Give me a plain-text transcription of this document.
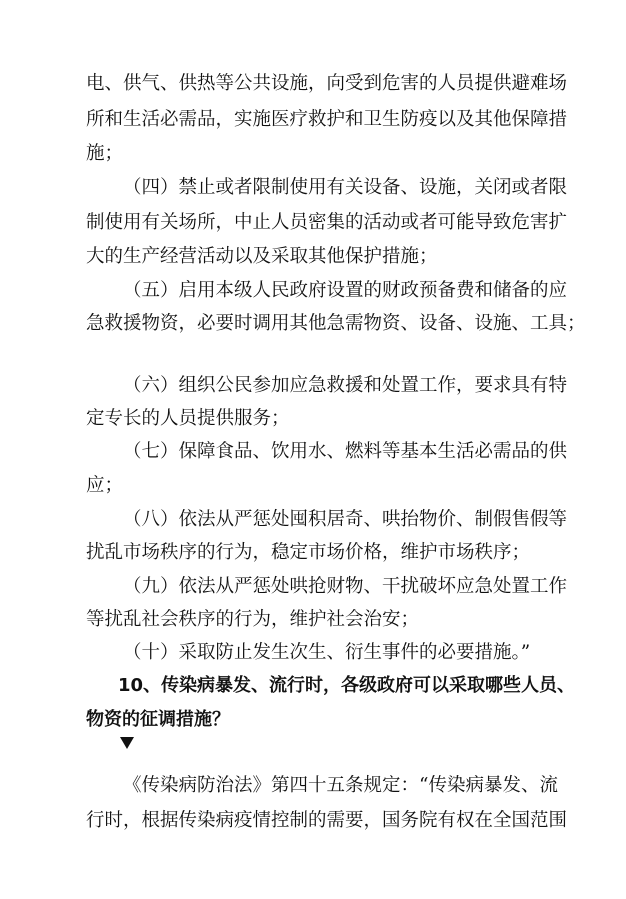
电、供气、供热等公共设施，向受到危害的人员提供避难场
所和生活必需品，实施医疗救护和卫生防疫以及其他保障措
施；
（四）禁止或者限制使用有关设备、设施，关闭或者限
制使用有关场所，中止人员密集的活动或者可能导致危害扩
大的生产经营活动以及采取其他保护措施；
（五）启用本级人民政府设置的财政预备费和储备的应
急救援物资，必要时调用其他急需物资、设备、设施、工具；
（六）组织公民参加应急救援和处置工作，要求具有特
定专长的人员提供服务；
（七）保障食品、饮用水、燃料等基本生活必需品的供
应；
（八）依法从严惩处囤积居奇、哄抬物价、制假售假等
扰乱市场秩序的行为，稳定市场价格，维护市场秩序；
（九）依法从严惩处哄抢财物、干扰破坏应急处置工作
等扰乱社会秩序的行为，维护社会治安；
（十）采取防止发生次生、衍生事件的必要措施。”
10、传染病暴发、流行时，各级政府可以采取哪些人员、
物资的征调措施？
《传染病防治法》第四十五条规定：“传染病暴发、流
行时，根据传染病疫情控制的需要，国务院有权在全国范围
